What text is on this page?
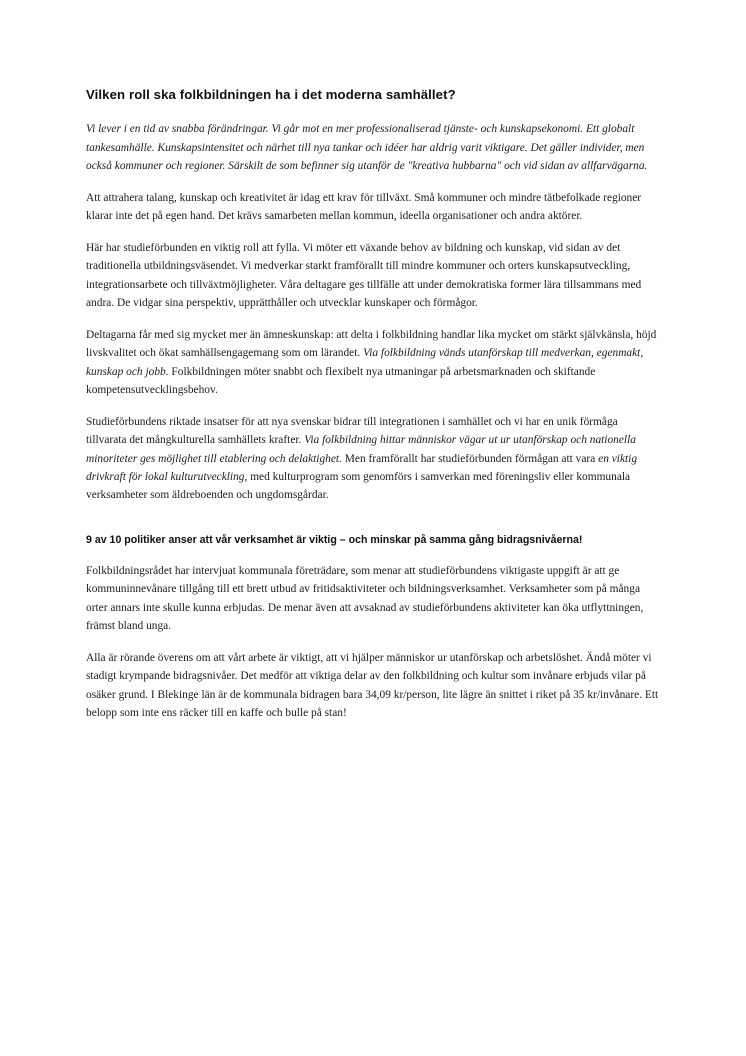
Vilken roll ska folkbildningen ha i det moderna samhället?

Vi lever i en tid av snabba förändringar. Vi går mot en mer professionaliserad tjänste- och kunskapsekonomi. Ett globalt tankesamhälle. Kunskapsintensitet och närhet till nya tankar och idéer har aldrig varit viktigare. Det gäller individer, men också kommuner och regioner. Särskilt de som befinner sig utanför de "kreativa hubbarna" och vid sidan av allfarvägarna.

Att attrahera talang, kunskap och kreativitet är idag ett krav för tillväxt. Små kommuner och mindre tätbefolkade regioner klarar inte det på egen hand. Det krävs samarbeten mellan kommun, ideella organisationer och andra aktörer.

Här har studieförbunden en viktig roll att fylla. Vi möter ett växande behov av bildning och kunskap, vid sidan av det traditionella utbildningsväsendet. Vi medverkar starkt framförallt till mindre kommuner och orters kunskapsutveckling, integrationsarbete och tillväxtmöjligheter. Våra deltagare ges tillfälle att under demokratiska former lära tillsammans med andra. De vidgar sina perspektiv, upprätthåller och utvecklar kunskaper och förmågor.

Deltagarna får med sig mycket mer än ämneskunskap: att delta i folkbildning handlar lika mycket om stärkt självkänsla, höjd livskvalitet och ökat samhällsengagemang som om lärandet. Via folkbildning vänds utanförskap till medverkan, egenmakt, kunskap och jobb. Folkbildningen möter snabbt och flexibelt nya utmaningar på arbetsmarknaden och skiftande kompetensutvecklingsbehov.

Studieförbundens riktade insatser för att nya svenskar bidrar till integrationen i samhället och vi har en unik förmåga tillvarata det mångkulturella samhällets krafter. Via folkbildning hittar människor vägar ut ur utanförskap och nationella minoriteter ges möjlighet till etablering och delaktighet. Men framförallt har studieförbunden förmågan att vara en viktig drivkraft för lokal kulturutveckling, med kulturprogram som genomförs i samverkan med föreningsliv eller kommunala verksamheter som äldreboenden och ungdomsgårdar.

9 av 10 politiker anser att vår verksamhet är viktig – och minskar på samma gång bidragsnivåerna!

Folkbildningsrådet har intervjuat kommunala företrädare, som menar att studieförbundens viktigaste uppgift är att ge kommuninnevånare tillgång till ett brett utbud av fritidsaktiviteter och bildningsverksamhet. Verksamheter som på många orter annars inte skulle kunna erbjudas. De menar även att avsaknad av studieförbundens aktiviteter kan öka utflyttningen, främst bland unga.

Alla är rörande överens om att vårt arbete är viktigt, att vi hjälper människor ur utanförskap och arbetslöshet. Ändå möter vi stadigt krympande bidragsnivåer. Det medför att viktiga delar av den folkbildning och kultur som invånare erbjuds vilar på osäker grund. I Blekinge län är de kommunala bidragen bara 34,09 kr/person, lite lägre än snittet i riket på 35 kr/invånare. Ett belopp som inte ens räcker till en kaffe och bulle på stan!
